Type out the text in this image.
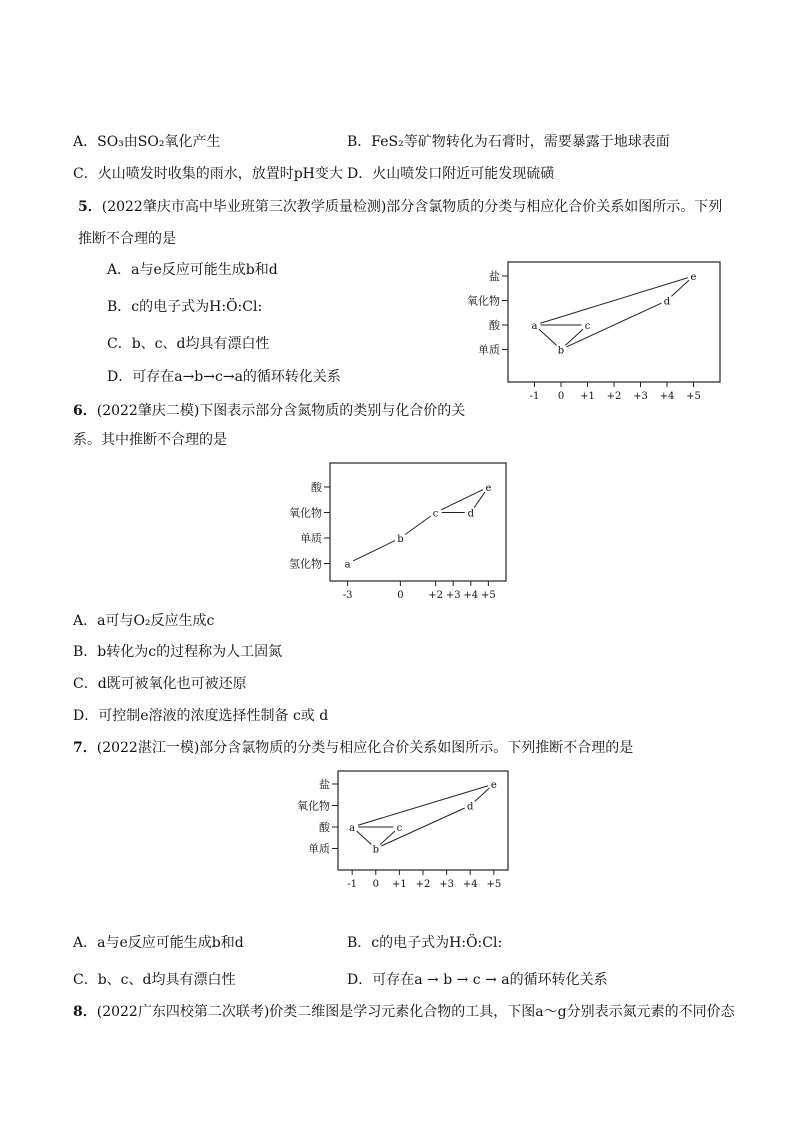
A．SO₃由SO₂氧化产生	B．FeS₂等矿物转化为石膏时，需要暴露于地球表面
C．火山喷发时收集的雨水，放置时pH变大 D．火山喷发口附近可能发现硫磺
5．(2022肇庆市高中毕业班第三次教学质量检测)部分含氯物质的分类与相应化合价关系如图所示。下列
推断不合理的是
A．a与e反应可能生成b和d
B．c的电子式为H:Ö:Cl:
C．b、c、d均具有漂白性
D．可存在a→b→c→a的循环转化关系
单质
酸
氧化物
盐
-1 0 +1 +2 +3 +4 +5
a
b
c
d
e
6．(2022肇庆二模)下图表示部分含氮物质的类别与化合价的关
系。其中推断不合理的是
氢化物
单质
氧化物
酸
-3	0 +2 +3 +4 +5
a
b
c	d
e
A．a可与O₂反应生成c
B．b转化为c的过程称为人工固氮
C．d既可被氧化也可被还原
D．可控制e溶液的浓度选择性制备 c或 d
7．(2022湛江一模)部分含氯物质的分类与相应化合价关系如图所示。下列推断不合理的是
单质
酸
氧化物
盐
-1 0 +1 +2 +3 +4 +5
a
b
c
d
e
A．a与e反应可能生成b和d	B．c的电子式为H:Ö:Cl:
C．b、c、d均具有漂白性	D．可存在a → b → c → a的循环转化关系
8．(2022广东四校第二次联考)价类二维图是学习元素化合物的工具，下图a～g分别表示氮元素的不同价态
